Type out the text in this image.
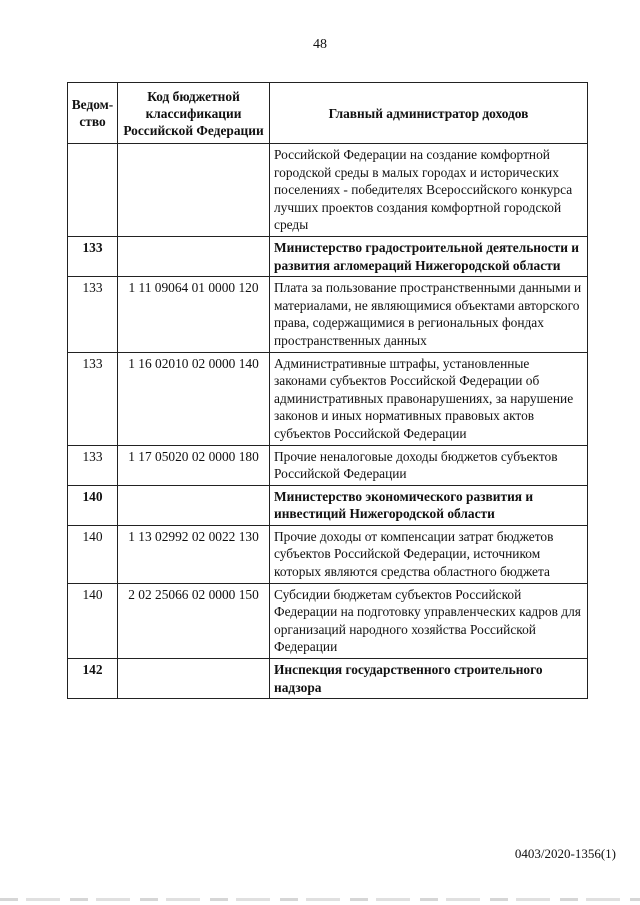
48
Ведом-
ство	Код бюджетной классификации Российской Федерации	Главный администратор доходов
		Российской Федерации на создание комфортной городской среды в малых городах и исторических поселениях - победителях Всероссийского конкурса лучших проектов создания комфортной городской среды
133		Министерство градостроительной деятельности и развития агломераций Нижегородской области
133	1 11 09064 01 0000 120	Плата за пользование пространственными данными и материалами, не являющимися объектами авторского права, содержащимися в региональных фондах пространственных данных
133	1 16 02010 02 0000 140	Административные штрафы, установленные законами субъектов Российской Федерации об административных правонарушениях, за нарушение законов и иных нормативных правовых актов субъектов Российской Федерации
133	1 17 05020 02 0000 180	Прочие неналоговые доходы бюджетов субъектов Российской Федерации
140		Министерство экономического развития и инвестиций Нижегородской области
140	1 13 02992 02 0022 130	Прочие доходы от компенсации затрат бюджетов субъектов Российской Федерации, источником которых являются средства областного бюджета
140	2 02 25066 02 0000 150	Субсидии бюджетам субъектов Российской Федерации на подготовку управленческих кадров для организаций народного хозяйства Российской Федерации
142		Инспекция государственного строительного надзора
0403/2020-1356(1)
